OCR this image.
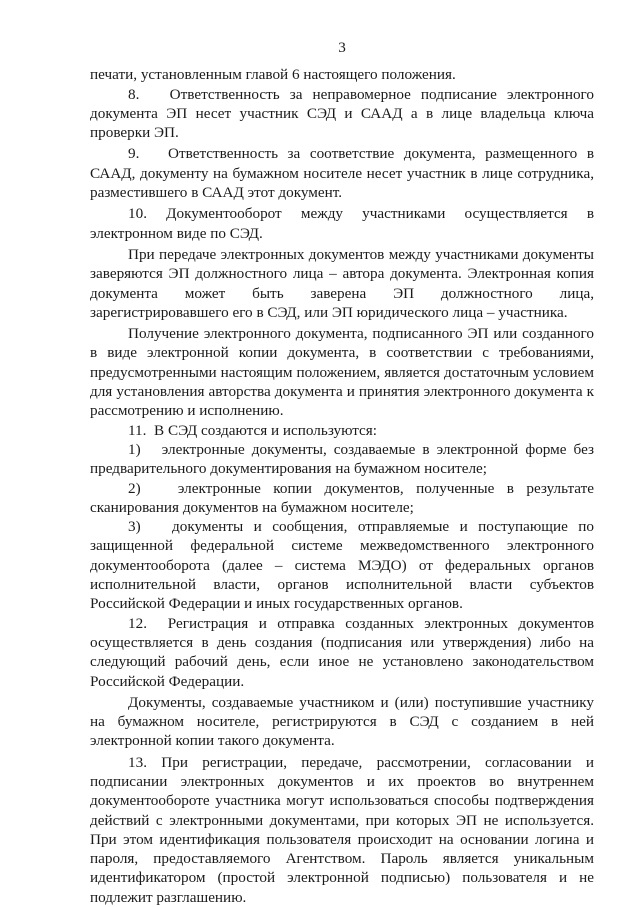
3

печати, установленным главой 6 настоящего положения.

8.   Ответственность за неправомерное подписание электронного документа ЭП несет участник СЭД и СААД а в лице владельца ключа проверки ЭП.

9.   Ответственность за соответствие документа, размещенного в СААД, документу на бумажном носителе несет участник в лице сотрудника, разместившего в СААД этот документ.

10. Документооборот между участниками осуществляется в электронном виде по СЭД.

При передаче электронных документов между участниками документы заверяются ЭП должностного лица – автора документа. Электронная копия документа может быть заверена ЭП должностного лица, зарегистрировавшего его в СЭД, или ЭП юридического лица – участника.

Получение электронного документа, подписанного ЭП или созданного в виде электронной копии документа, в соответствии с требованиями, предусмотренными настоящим положением, является достаточным условием для установления авторства документа и принятия электронного документа к рассмотрению и исполнению.

11.  В СЭД создаются и используются:

1)   электронные документы, создаваемые в электронной форме без предварительного документирования на бумажном носителе;

2)   электронные копии документов, полученные в результате сканирования документов на бумажном носителе;

3)   документы и сообщения, отправляемые и поступающие по защищенной федеральной системе межведомственного электронного документооборота (далее – система МЭДО) от федеральных органов исполнительной власти, органов исполнительной власти субъектов Российской Федерации и иных государственных органов.

12.  Регистрация и отправка созданных электронных документов осуществляется в день создания (подписания или утверждения) либо на следующий рабочий день, если иное не установлено законодательством Российской Федерации.

Документы, создаваемые участником и (или) поступившие участнику на бумажном носителе, регистрируются в СЭД с созданием в ней электронной копии такого документа.

13. При регистрации, передаче, рассмотрении, согласовании и подписании электронных документов и их проектов во внутреннем документообороте участника могут использоваться способы подтверждения действий с электронными документами, при которых ЭП не используется. При этом идентификация пользователя происходит на основании логина и пароля, предоставляемого Агентством. Пароль является уникальным идентификатором (простой электронной подписью) пользователя и не подлежит разглашению.
